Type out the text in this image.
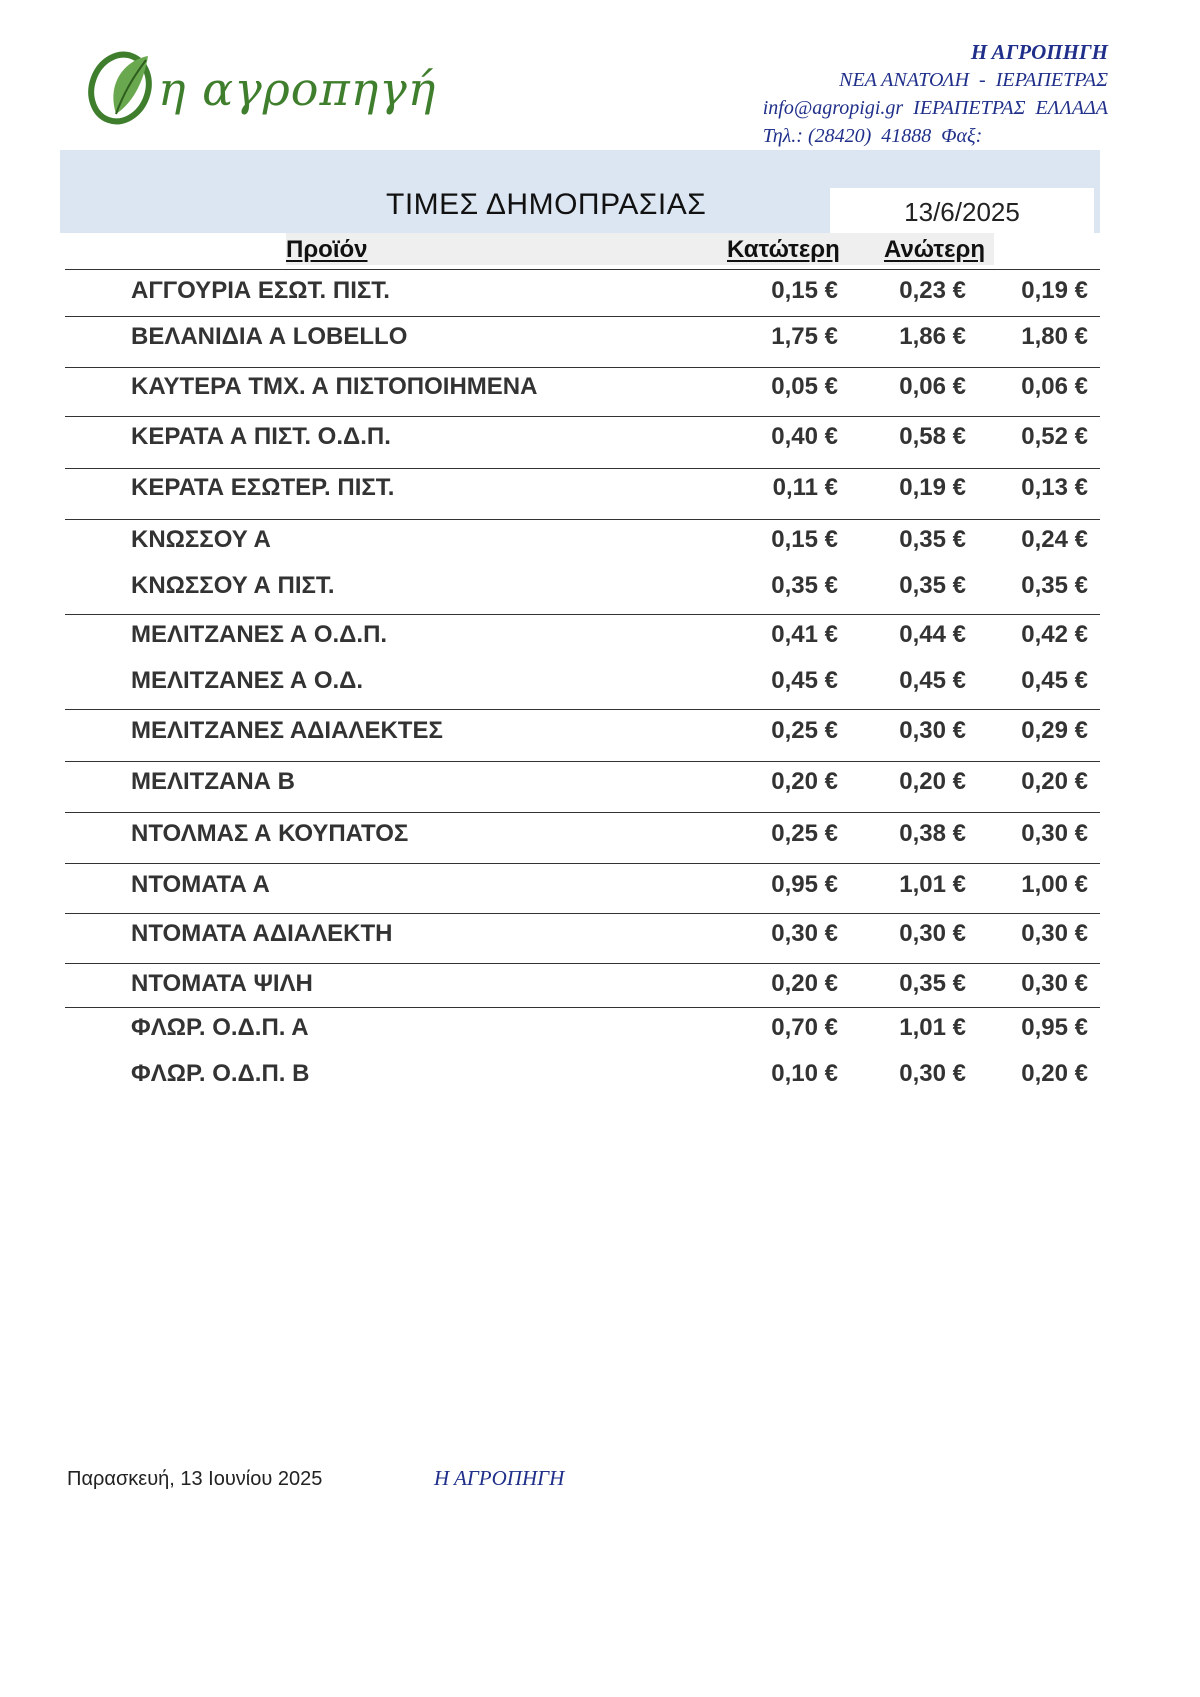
η αγροπηγή
Η ΑΓΡΟΠΗΓΗ
ΝΕΑ ΑΝΑΤΟΛΗ  -  ΙΕΡΑΠΕΤΡΑΣ
info@agropigi.gr  ΙΕΡΑΠΕΤΡΑΣ  ΕΛΛΑΔΑ
Τηλ.: (28420)  41888  Φαξ:
ΤΙΜΕΣ ΔΗΜΟΠΡΑΣΙΑΣ	13/6/2025
Προϊόν	Κατώτερη Ανώτερη
ΑΓΓΟΥΡΙΑ ΕΣΩΤ. ΠΙΣΤ.	0,15 €	0,23 € 0,19 €
ΒΕΛΑΝΙΔΙΑ Α LOBELLO	1,75 €	1,86 € 1,80 €
ΚΑΥΤΕΡΑ ΤΜΧ. Α ΠΙΣΤΟΠΟΙΗΜΕΝΑ	0,05 €	0,06 € 0,06 €
ΚΕΡΑΤΑ Α ΠΙΣΤ. Ο.Δ.Π.	0,40 €	0,58 € 0,52 €
ΚΕΡΑΤΑ ΕΣΩΤΕΡ. ΠΙΣΤ.	0,11 €	0,19 € 0,13 €
ΚΝΩΣΣΟΥ Α	0,15 €	0,35 € 0,24 €
ΚΝΩΣΣΟΥ Α ΠΙΣΤ.	0,35 €	0,35 € 0,35 €
ΜΕΛΙΤΖΑΝΕΣ Α Ο.Δ.Π.	0,41 €	0,44 € 0,42 €
ΜΕΛΙΤΖΑΝΕΣ Α Ο.Δ.	0,45 €	0,45 € 0,45 €
ΜΕΛΙΤΖΑΝΕΣ ΑΔΙΑΛΕΚΤΕΣ	0,25 €	0,30 € 0,29 €
ΜΕΛΙΤΖΑΝΑ Β	0,20 €	0,20 € 0,20 €
ΝΤΟΛΜΑΣ Α ΚΟΥΠΑΤΟΣ	0,25 €	0,38 € 0,30 €
ΝΤΟΜΑΤΑ Α	0,95 €	1,01 € 1,00 €
ΝΤΟΜΑΤΑ ΑΔΙΑΛΕΚΤΗ	0,30 €	0,30 € 0,30 €
ΝΤΟΜΑΤΑ ΨΙΛΗ	0,20 €	0,35 € 0,30 €
ΦΛΩΡ. Ο.Δ.Π. Α	0,70 €	1,01 € 0,95 €
ΦΛΩΡ. Ο.Δ.Π. Β	0,10 €	0,30 € 0,20 €
Παρασκευή, 13 Ιουνίου 2025	Η ΑΓΡΟΠΗΓΗ
